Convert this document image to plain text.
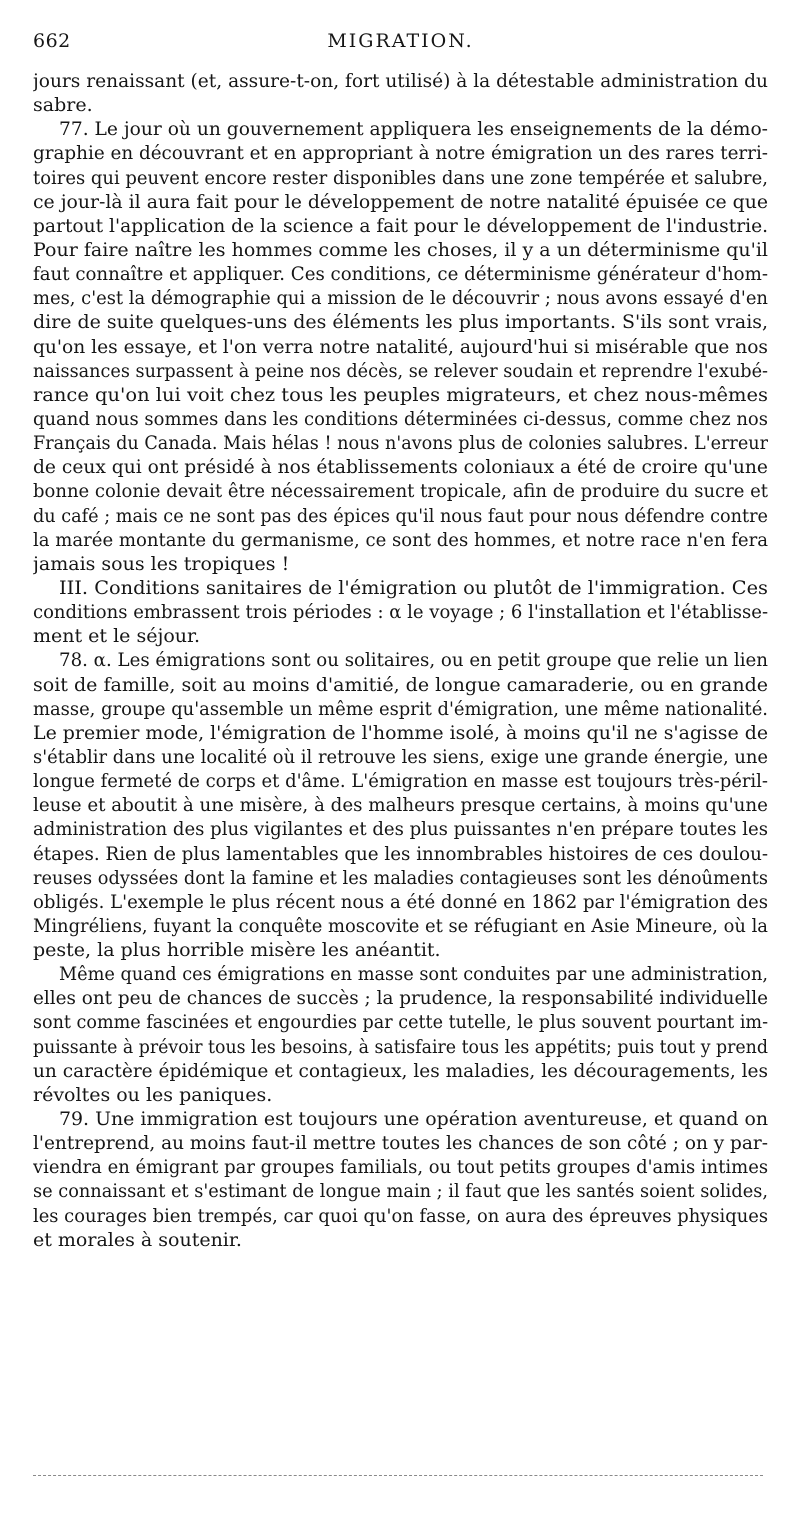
662	MIGRATION.
jours renaissant (et, assure-t-on, fort utilisé) à la détestable administration du
sabre.
77. Le jour où un gouvernement appliquera les enseignements de la démo-
graphie en découvrant et en appropriant à notre émigration un des rares terri-
toires qui peuvent encore rester disponibles dans une zone tempérée et salubre,
ce jour-là il aura fait pour le développement de notre natalité épuisée ce que
partout l'application de la science a fait pour le développement de l'industrie.
Pour faire naître les hommes comme les choses, il y a un déterminisme qu'il
faut connaître et appliquer. Ces conditions, ce déterminisme générateur d'hom-
mes, c'est la démographie qui a mission de le découvrir ; nous avons essayé d'en
dire de suite quelques-uns des éléments les plus importants. S'ils sont vrais,
qu'on les essaye, et l'on verra notre natalité, aujourd'hui si misérable que nos
naissances surpassent à peine nos décès, se relever soudain et reprendre l'exubé-
rance qu'on lui voit chez tous les peuples migrateurs, et chez nous-mêmes
quand nous sommes dans les conditions déterminées ci-dessus, comme chez nos
Français du Canada. Mais hélas ! nous n'avons plus de colonies salubres. L'erreur
de ceux qui ont présidé à nos établissements coloniaux a été de croire qu'une
bonne colonie devait être nécessairement tropicale, afin de produire du sucre et
du café ; mais ce ne sont pas des épices qu'il nous faut pour nous défendre contre
la marée montante du germanisme, ce sont des hommes, et notre race n'en fera
jamais sous les tropiques !
III. Conditions sanitaires de l'émigration ou plutôt de l'immigration. Ces
conditions embrassent trois périodes : α le voyage ; 6 l'installation et l'établisse-
ment et le séjour.
78. α. Les émigrations sont ou solitaires, ou en petit groupe que relie un lien
soit de famille, soit au moins d'amitié, de longue camaraderie, ou en grande
masse, groupe qu'assemble un même esprit d'émigration, une même nationalité.
Le premier mode, l'émigration de l'homme isolé, à moins qu'il ne s'agisse de
s'établir dans une localité où il retrouve les siens, exige une grande énergie, une
longue fermeté de corps et d'âme. L'émigration en masse est toujours très-péril-
leuse et aboutit à une misère, à des malheurs presque certains, à moins qu'une
administration des plus vigilantes et des plus puissantes n'en prépare toutes les
étapes. Rien de plus lamentables que les innombrables histoires de ces doulou-
reuses odyssées dont la famine et les maladies contagieuses sont les dénoûments
obligés. L'exemple le plus récent nous a été donné en 1862 par l'émigration des
Mingréliens, fuyant la conquête moscovite et se réfugiant en Asie Mineure, où la
peste, la plus horrible misère les anéantit.
Même quand ces émigrations en masse sont conduites par une administration,
elles ont peu de chances de succès ; la prudence, la responsabilité individuelle
sont comme fascinées et engourdies par cette tutelle, le plus souvent pourtant im-
puissante à prévoir tous les besoins, à satisfaire tous les appétits; puis tout y prend
un caractère épidémique et contagieux, les maladies, les découragements, les
révoltes ou les paniques.
79. Une immigration est toujours une opération aventureuse, et quand on
l'entreprend, au moins faut-il mettre toutes les chances de son côté ; on y par-
viendra en émigrant par groupes familials, ou tout petits groupes d'amis intimes
se connaissant et s'estimant de longue main ; il faut que les santés soient solides,
les courages bien trempés, car quoi qu'on fasse, on aura des épreuves physiques
et morales à soutenir.
